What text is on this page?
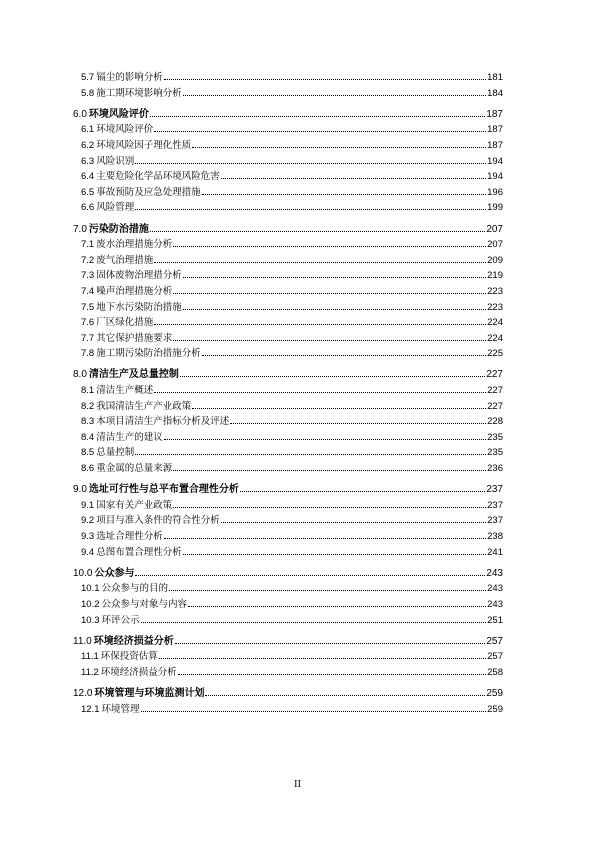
5.7 镉尘的影响分析	181
5.8 施工期环境影响分析	184
6.0 环境风险评价	187
6.1 环境风险评价	187
6.2 环境风险因子理化性质	187
6.3 风险识别	194
6.4 主要危险化学品环境风险危害	194
6.5 事故预防及应急处理措施	196
6.6 风险管理	199
7.0 污染防治措施	207
7.1 废水治理措施分析	207
7.2 废气治理措施	209
7.3 固体废物治理措分析	219
7.4 噪声治理措施分析	223
7.5 地下水污染防治措施	223
7.6 厂区绿化措施	224
7.7 其它保护措施要求	224
7.8 施工期污染防治措施分析	225
8.0 清洁生产及总量控制	227
8.1 清洁生产概述	227
8.2 我国清洁生产产业政策	227
8.3 本项目清洁生产指标分析及评述	228
8.4 清洁生产的建议	235
8.5 总量控制	235
8.6 重金属的总量来源	236
9.0 选址可行性与总平布置合理性分析	237
9.1 国家有关产业政策	237
9.2 项目与准入条件的符合性分析	237
9.3 选址合理性分析	238
9.4 总图布置合理性分析	241
10.0 公众参与	243
10.1 公众参与的目的	243
10.2 公众参与对象与内容	243
10.3 环评公示	251
11.0 环境经济损益分析	257
11.1 环保投资估算	257
11.2 环境经济损益分析	258
12.0 环境管理与环境监测计划	259
12.1 环境管理	259
II
